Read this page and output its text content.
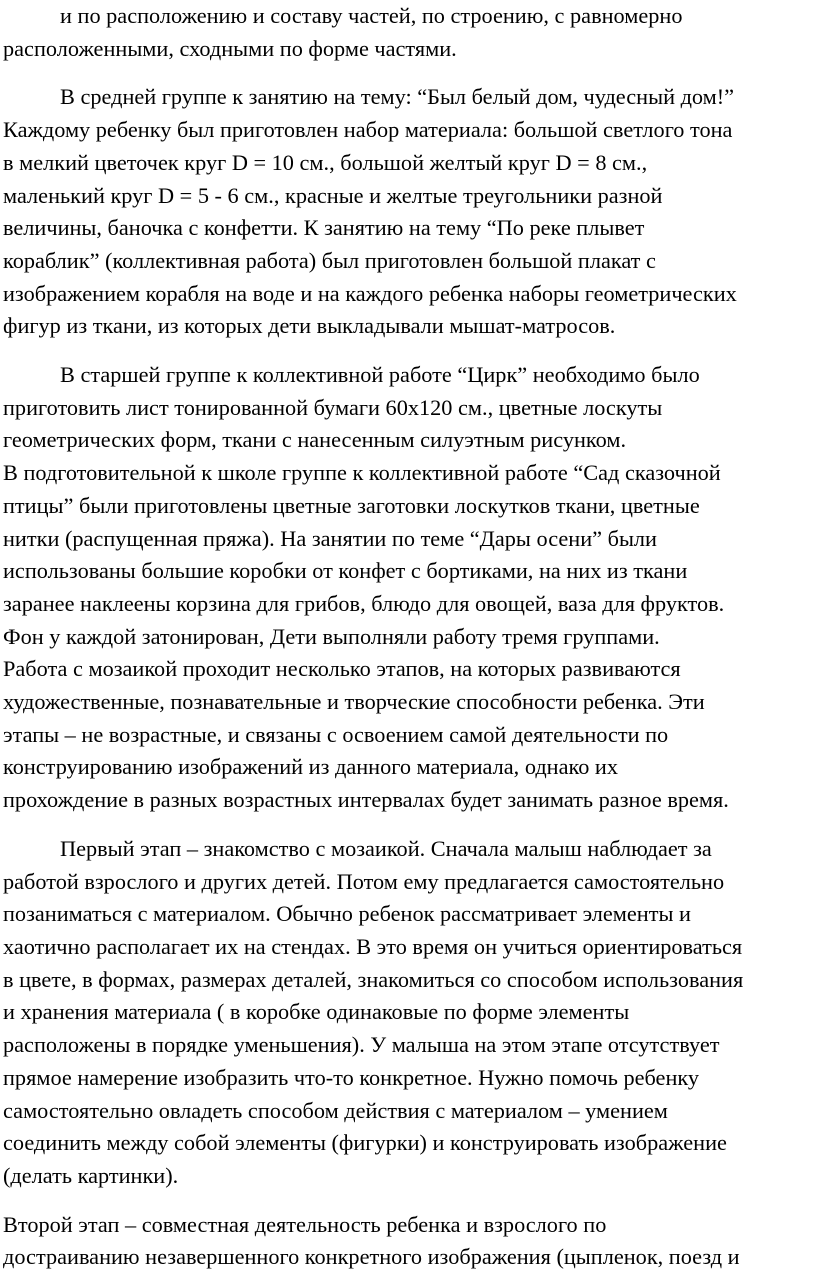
и по расположению и составу частей, по строению, с равномерно
расположенными, сходными по форме частями.

В средней группе к занятию на тему: “Был белый дом, чудесный дом!”
Каждому ребенку был приготовлен набор материала: большой светлого тона
в мелкий цветочек круг D = 10 см., большой желтый круг D = 8 см.,
маленький круг D = 5 - 6 см., красные и желтые треугольники разной
величины, баночка с конфетти. К занятию на тему “По реке плывет
кораблик” (коллективная работа) был приготовлен большой плакат с
изображением корабля на воде и на каждого ребенка наборы геометрических
фигур из ткани, из которых дети выкладывали мышат-матросов.

В старшей группе к коллективной работе “Цирк” необходимо было
приготовить лист тонированной бумаги 60х120 см., цветные лоскуты
геометрических форм, ткани с нанесенным силуэтным рисунком.
В подготовительной к школе группе к коллективной работе “Сад сказочной
птицы” были приготовлены цветные заготовки лоскутков ткани, цветные
нитки (распущенная пряжа). На занятии по теме “Дары осени” были
использованы большие коробки от конфет с бортиками, на них из ткани
заранее наклеены корзина для грибов, блюдо для овощей, ваза для фруктов.
Фон у каждой затонирован, Дети выполняли работу тремя группами.
Работа с мозаикой проходит несколько этапов, на которых развиваются
художественные, познавательные и творческие способности ребенка. Эти
этапы – не возрастные, и связаны с освоением самой деятельности по
конструированию изображений из данного материала, однако их
прохождение в разных возрастных интервалах будет занимать разное время.

Первый этап – знакомство с мозаикой. Сначала малыш наблюдает за
работой взрослого и других детей. Потом ему предлагается самостоятельно
позаниматься с материалом. Обычно ребенок рассматривает элементы и
хаотично располагает их на стендах. В это время он учиться ориентироваться
в цвете, в формах, размерах деталей, знакомиться со способом использования
и хранения материала ( в коробке одинаковые по форме элементы
расположены в порядке уменьшения). У малыша на этом этапе отсутствует
прямое намерение изобразить что-то конкретное. Нужно помочь ребенку
самостоятельно овладеть способом действия с материалом – умением
соединить между собой элементы (фигурки) и конструировать изображение
(делать картинки).

Второй этап – совместная деятельность ребенка и взрослого по
достраиванию незавершенного конкретного изображения (цыпленок, поезд и
